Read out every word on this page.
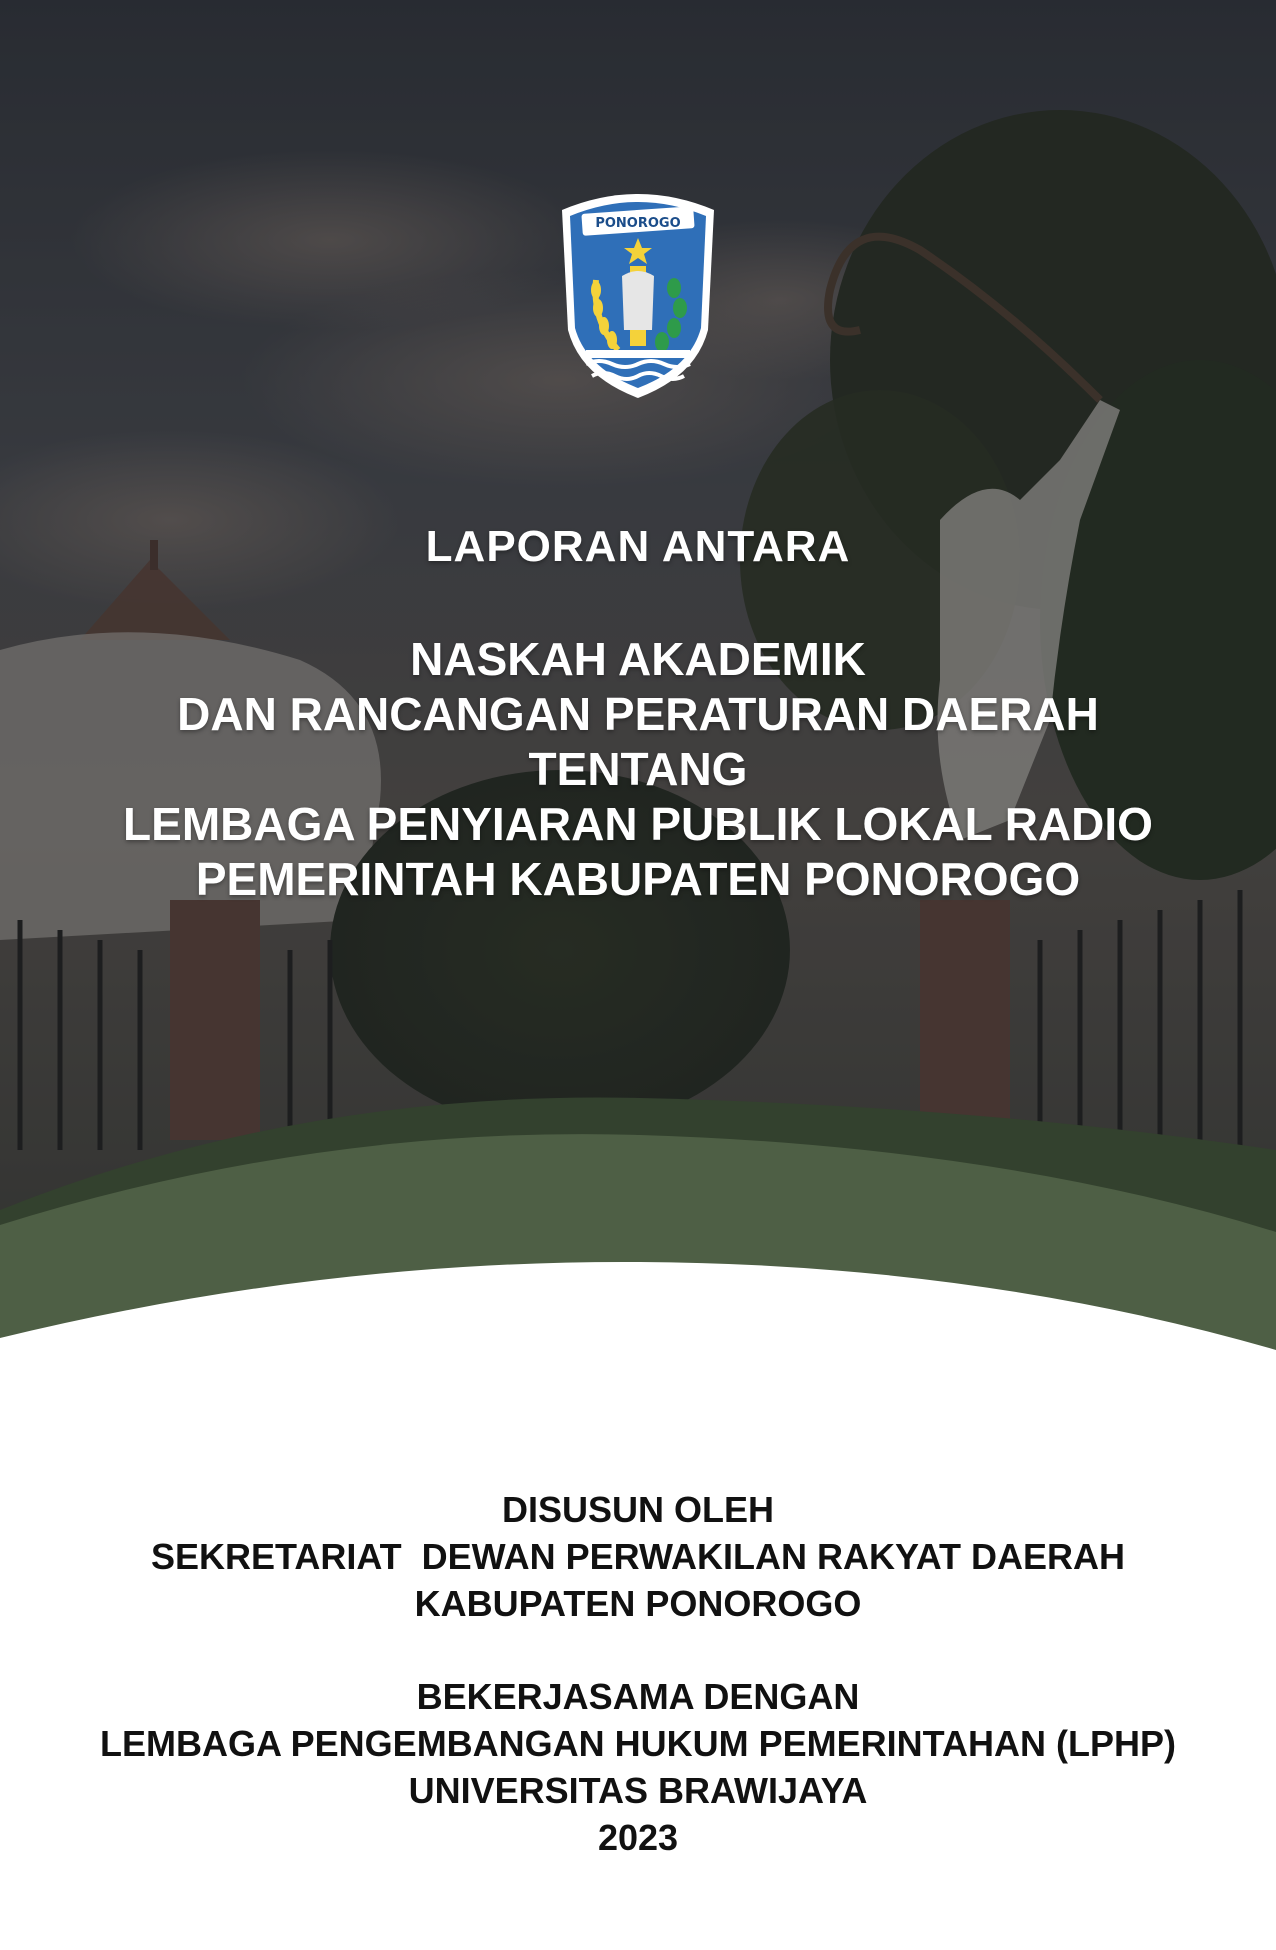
PONOROGO
LAPORAN ANTARA
NASKAH AKADEMIK
DAN RANCANGAN PERATURAN DAERAH
TENTANG
LEMBAGA PENYIARAN PUBLIK LOKAL RADIO
PEMERINTAH KABUPATEN PONOROGO
DISUSUN OLEH
SEKRETARIAT  DEWAN PERWAKILAN RAKYAT DAERAH
KABUPATEN PONOROGO
BEKERJASAMA DENGAN
LEMBAGA PENGEMBANGAN HUKUM PEMERINTAHAN (LPHP)
UNIVERSITAS BRAWIJAYA
2023
